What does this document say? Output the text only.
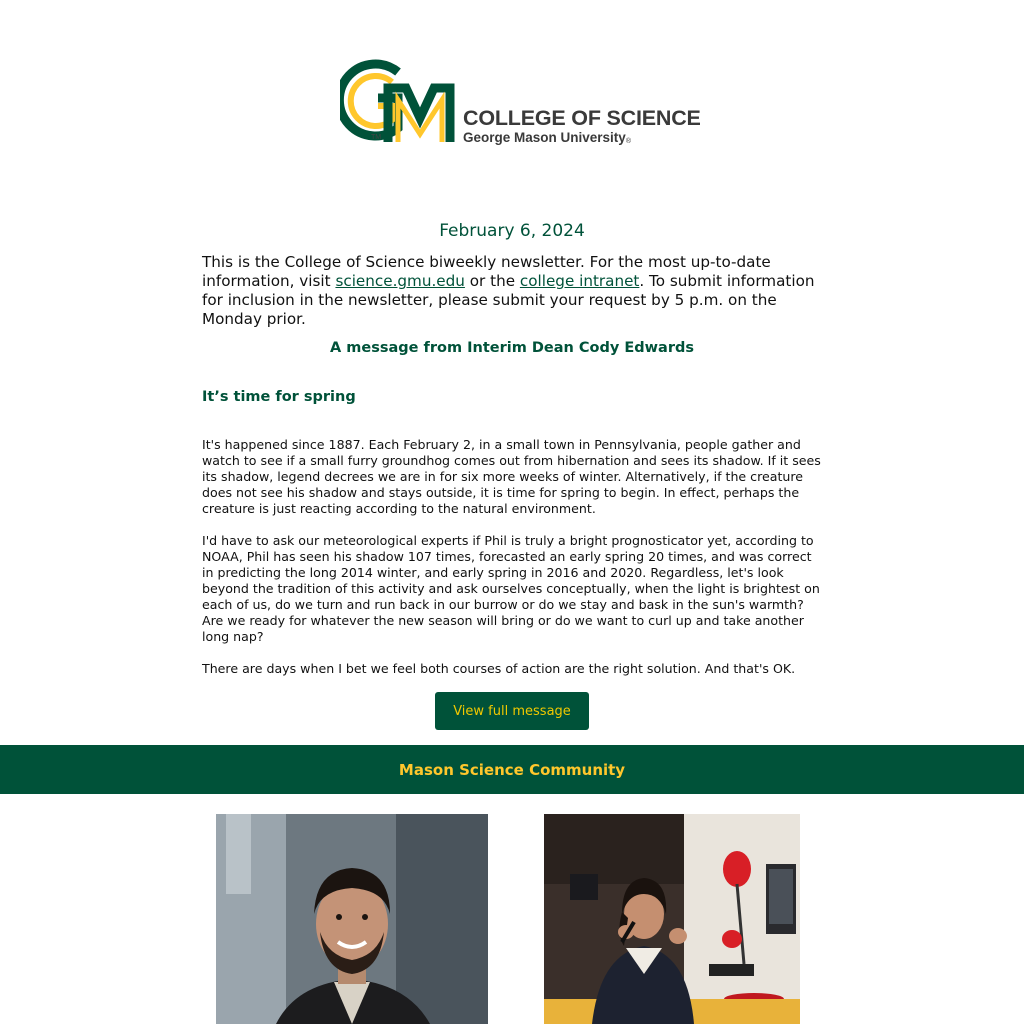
TM
COLLEGE OF SCIENCE
George Mason University®
February 6, 2024
This is the College of Science biweekly newsletter. For the most up-to-date information, visit science.gmu.edu or the college intranet. To submit information for inclusion in the newsletter, please submit your request by 5 p.m. on the Monday prior.
A message from Interim Dean Cody Edwards
It’s time for spring

It's happened since 1887. Each February 2, in a small town in Pennsylvania, people gather and watch to see if a small furry groundhog comes out from hibernation and sees its shadow. If it sees its shadow, legend decrees we are in for six more weeks of winter. Alternatively, if the creature does not see his shadow and stays outside, it is time for spring to begin. In effect, perhaps the creature is just reacting according to the natural environment.

I'd have to ask our meteorological experts if Phil is truly a bright prognosticator yet, according to NOAA, Phil has seen his shadow 107 times, forecasted an early spring 20 times, and was correct in predicting the long 2014 winter, and early spring in 2016 and 2020. Regardless, let's look beyond the tradition of this activity and ask ourselves conceptually, when the light is brightest on each of us, do we turn and run back in our burrow or do we stay and bask in the sun's warmth? Are we ready for whatever the new season will bring or do we want to curl up and take another long nap?

There are days when I bet we feel both courses of action are the right solution. And that's OK.

View full message
Mason Science Community
